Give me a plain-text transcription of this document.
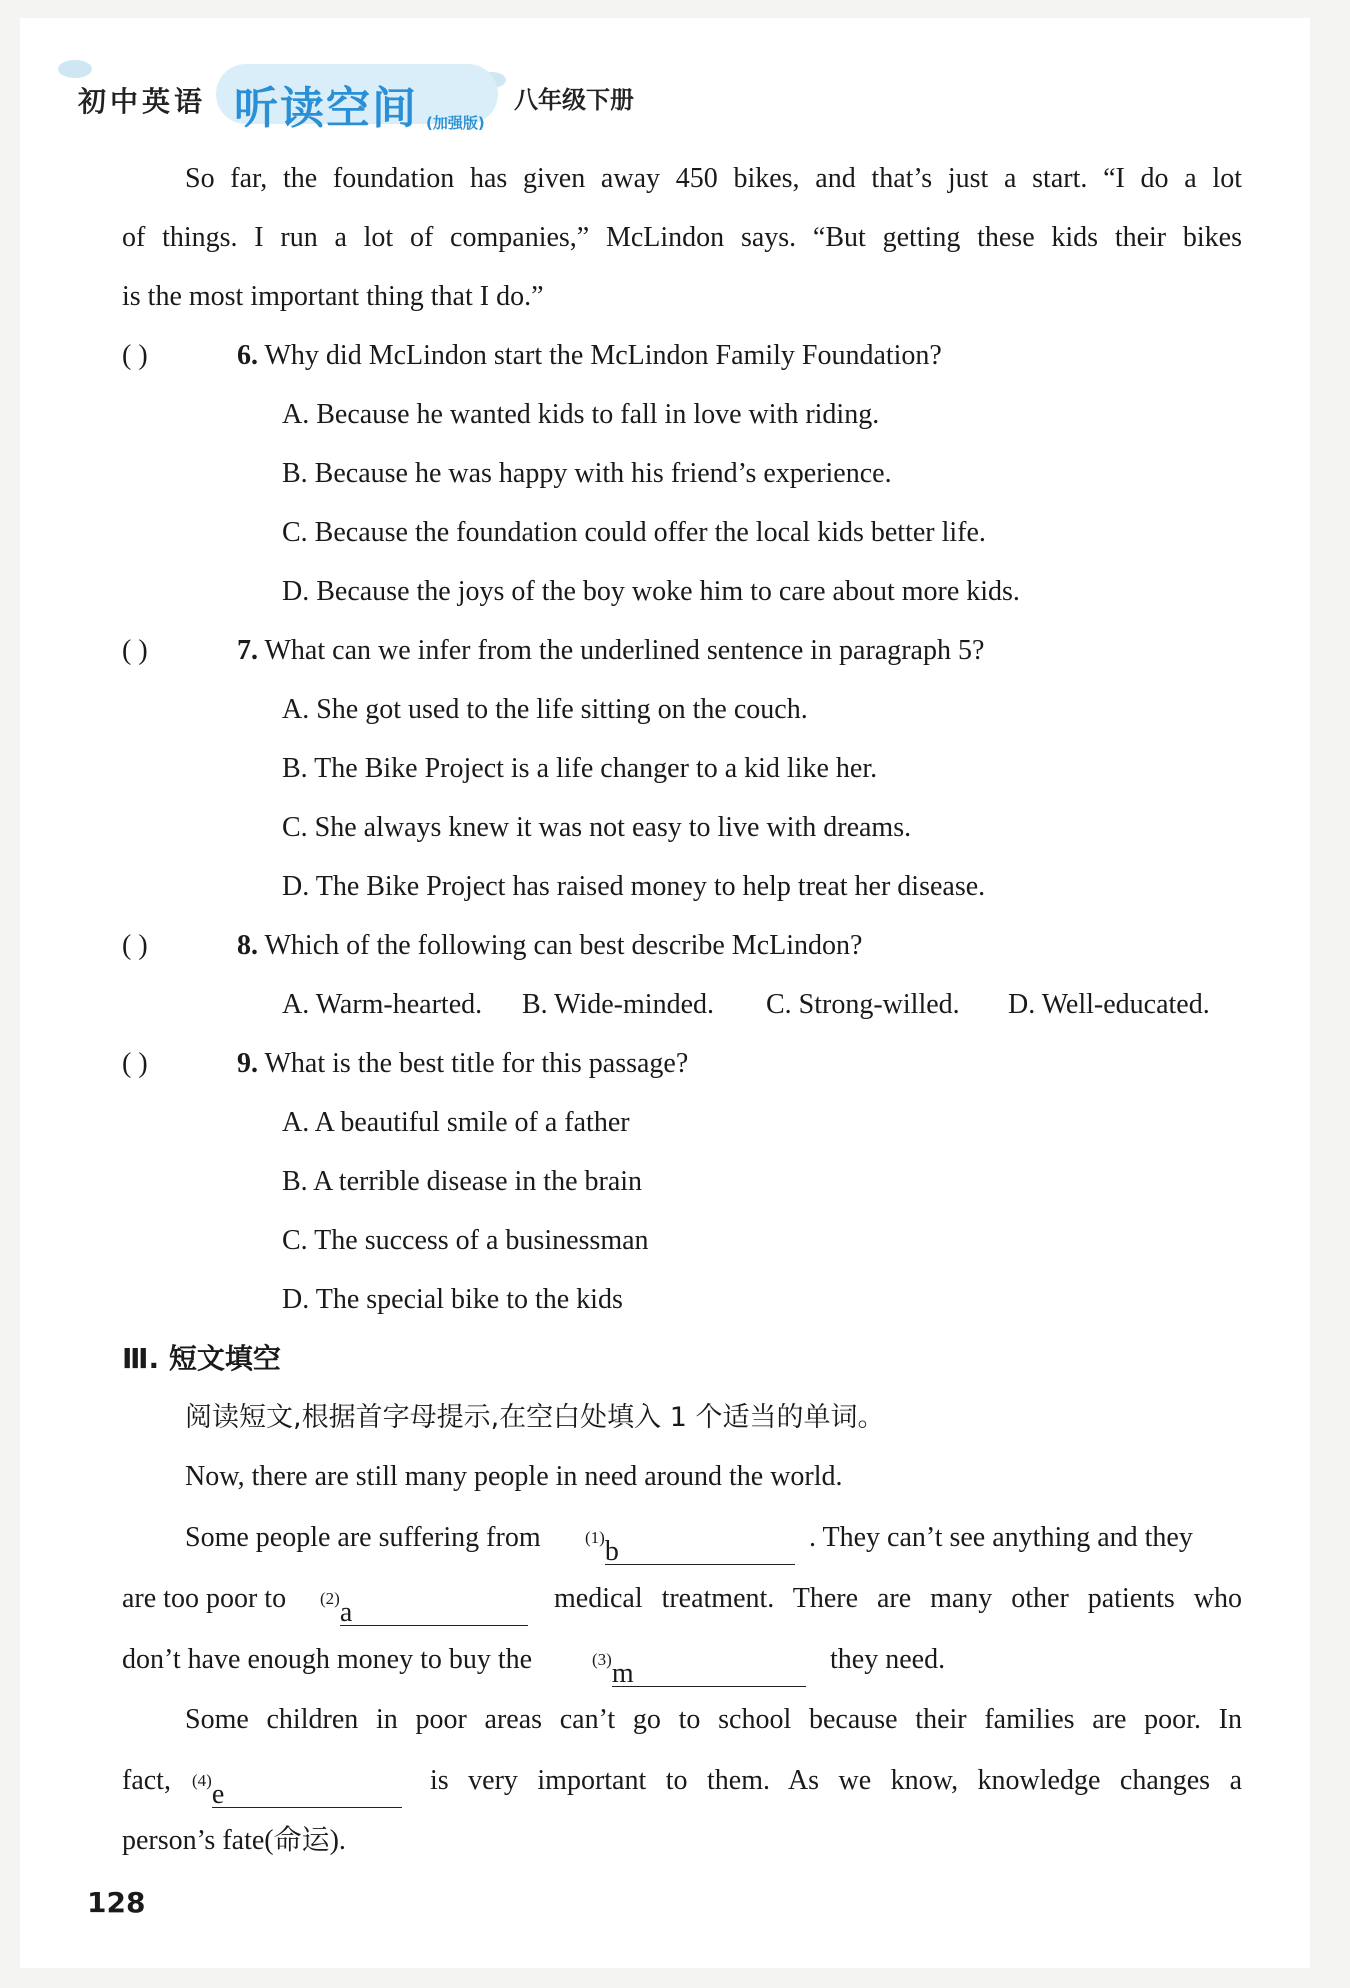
初中英语 听读空间 (加强版)
八年级下册
So far, the foundation has given away 450 bikes, and that’s just a start. “I do a lot
of things. I run a lot of companies,” McLindon says. “But getting these kids their bikes
is the most important thing that I do.”
( )	6. Why did McLindon start the McLindon Family Foundation?
A. Because he wanted kids to fall in love with riding.
B. Because he was happy with his friend’s experience.
C. Because the foundation could offer the local kids better life.
D. Because the joys of the boy woke him to care about more kids.
( )	7. What can we infer from the underlined sentence in paragraph 5?
A. She got used to the life sitting on the couch.
B. The Bike Project is a life changer to a kid like her.
C. She always knew it was not easy to live with dreams.
D. The Bike Project has raised money to help treat her disease.
( )	8. Which of the following can best describe McLindon?
A. Warm-hearted. B. Wide-minded. C. Strong-willed. D. Well-educated.
( )	9. What is the best title for this passage?
A. A beautiful smile of a father
B. A terrible disease in the brain
C. The success of a businessman
D. The special bike to the kids
Ⅲ. 短文填空
阅读短文,根据首字母提示,在空白处填入 1 个适当的单词。
Now, there are still many people in need around the world.
Some people are suffering from	$^{(1)}$b	. They can’t see anything and they
are too poor to $^{(2)}$a	medical treatment. There are many other patients who
don’t have enough money to buy the	$^{(3)}$m	they need.
Some children in poor areas can’t go to school because their families are poor. In
fact, $^{(4)}$e	is very important to them. As we know, knowledge changes a
person’s fate(命运).
128
